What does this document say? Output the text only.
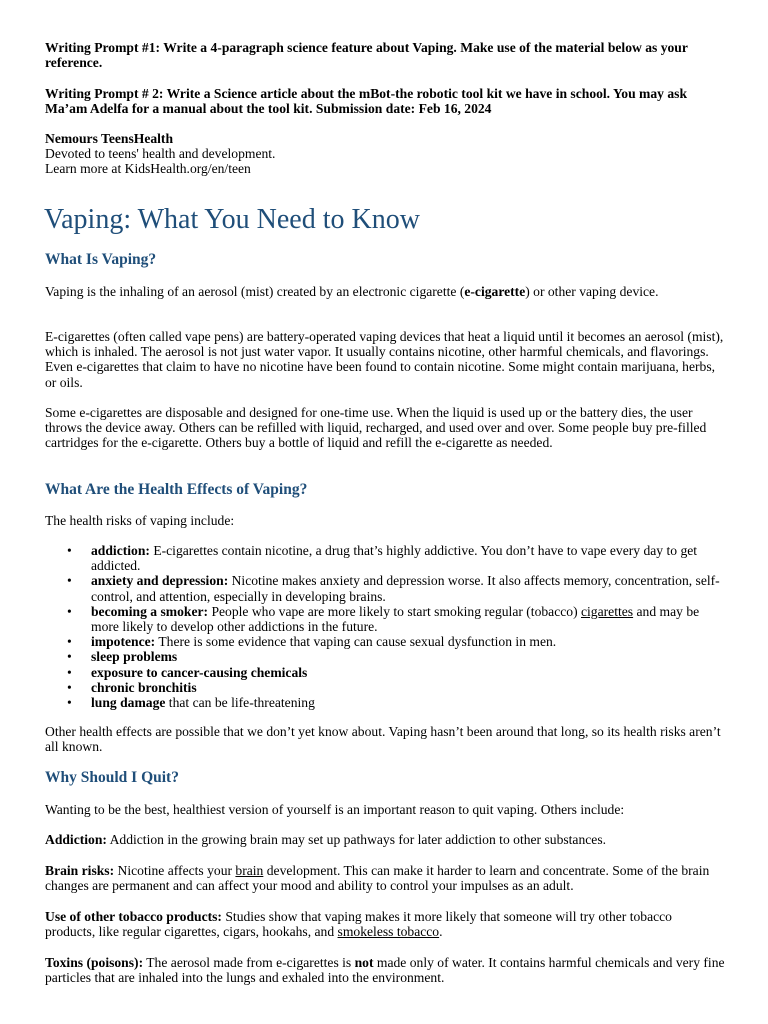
Writing Prompt #1: Write a 4-paragraph science feature about Vaping. Make use of the material below as your reference.

Writing Prompt # 2: Write a Science article about the mBot-the robotic tool kit we have in school. You may ask Ma’am Adelfa for a manual about the tool kit. Submission date: Feb 16, 2024

Nemours TeensHealth
Devoted to teens' health and development.
Learn more at KidsHealth.org/en/teen
Vaping: What You Need to Know
What Is Vaping?

Vaping is the inhaling of an aerosol (mist) created by an electronic cigarette (e-cigarette) or other vaping device.

E-cigarettes (often called vape pens) are battery-operated vaping devices that heat a liquid until it becomes an aerosol (mist), which is inhaled. The aerosol is not just water vapor. It usually contains nicotine, other harmful chemicals, and flavorings. Even e-cigarettes that claim to have no nicotine have been found to contain nicotine. Some might contain marijuana, herbs, or oils.

Some e-cigarettes are disposable and designed for one-time use. When the liquid is used up or the battery dies, the user throws the device away. Others can be refilled with liquid, recharged, and used over and over. Some people buy pre-filled cartridges for the e-cigarette. Others buy a bottle of liquid and refill the e-cigarette as needed.

What Are the Health Effects of Vaping?

The health risks of vaping include:

• addiction: E-cigarettes contain nicotine, a drug that’s highly addictive. You don’t have to vape every day to get addicted.
• anxiety and depression: Nicotine makes anxiety and depression worse. It also affects memory, concentration, self-control, and attention, especially in developing brains.
• becoming a smoker: People who vape are more likely to start smoking regular (tobacco) cigarettes and may be more likely to develop other addictions in the future.
• impotence: There is some evidence that vaping can cause sexual dysfunction in men.
• sleep problems
• exposure to cancer-causing chemicals
• chronic bronchitis
• lung damage that can be life-threatening

Other health effects are possible that we don’t yet know about. Vaping hasn’t been around that long, so its health risks aren’t all known.

Why Should I Quit?

Wanting to be the best, healthiest version of yourself is an important reason to quit vaping. Others include:

Addiction: Addiction in the growing brain may set up pathways for later addiction to other substances.

Brain risks: Nicotine affects your brain development. This can make it harder to learn and concentrate. Some of the brain changes are permanent and can affect your mood and ability to control your impulses as an adult.

Use of other tobacco products: Studies show that vaping makes it more likely that someone will try other tobacco products, like regular cigarettes, cigars, hookahs, and smokeless tobacco.

Toxins (poisons): The aerosol made from e-cigarettes is not made only of water. It contains harmful chemicals and very fine particles that are inhaled into the lungs and exhaled into the environment.
